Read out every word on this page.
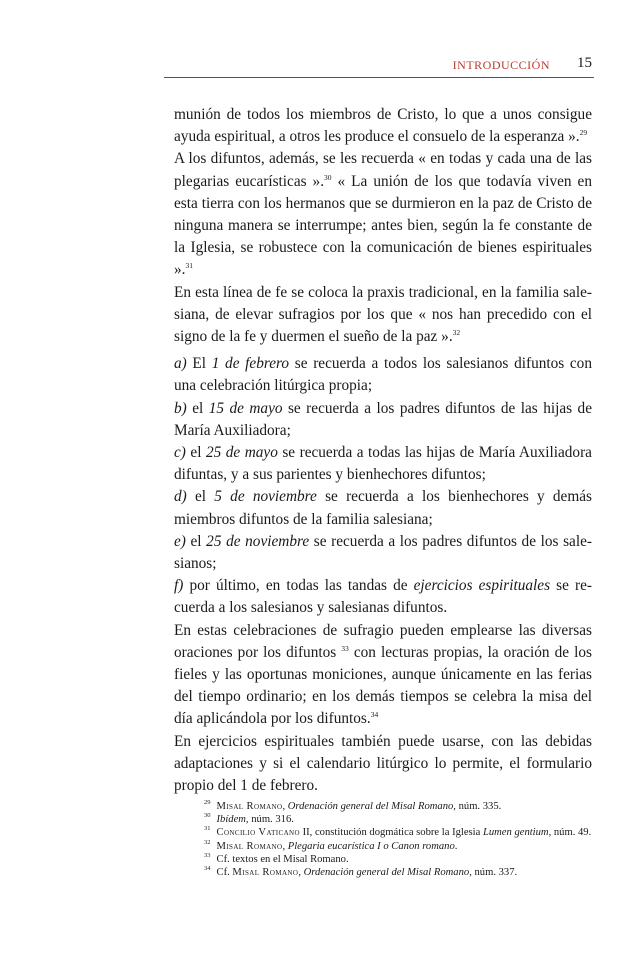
INTRODUCCIÓN 15

munión de todos los miembros de Cristo, lo que a unos consigue ayuda espiritual, a otros les produce el consuelo de la esperanza ».$^{29}$

A los difuntos, además, se les recuerda « en todas y cada una de las plegarias eucarísticas ».$^{30}$ « La unión de los que todavía viven en esta tierra con los hermanos que se durmieron en la paz de Cristo de ninguna manera se interrumpe; antes bien, según la fe constante de la Iglesia, se robustece con la comunicación de bienes espirituales ».$^{31}$

En esta línea de fe se coloca la praxis tradicional, en la familia salesiana, de elevar sufragios por los que « nos han precedido con el signo de la fe y duermen el sueño de la paz ».$^{32}$

a) El 1 de febrero se recuerda a todos los salesianos difuntos con una celebración litúrgica propia;

b) el 15 de mayo se recuerda a los padres difuntos de las hijas de María Auxiliadora;

c) el 25 de mayo se recuerda a todas las hijas de María Auxiliadora difuntas, y a sus parientes y bienhechores difuntos;

d) el 5 de noviembre se recuerda a los bienhechores y demás miembros difuntos de la familia salesiana;

e) el 25 de noviembre se recuerda a los padres difuntos de los salesianos;

f) por último, en todas las tandas de ejercicios espirituales se recuerda a los salesianos y salesianas difuntos.

En estas celebraciones de sufragio pueden emplearse las diversas oraciones por los difuntos $^{33}$ con lecturas propias, la oración de los fieles y las oportunas moniciones, aunque únicamente en las ferias del tiempo ordinario; en los demás tiempos se celebra la misa del día aplicándola por los difuntos.$^{34}$

En ejercicios espirituales también puede usarse, con las debidas adaptaciones y si el calendario litúrgico lo permite, el formulario propio del 1 de febrero.

$^{29}$ Misal Romano, Ordenación general del Misal Romano, núm. 335.

$^{30}$ Ibídem, núm. 316.

$^{31}$ Concilio Vaticano II, constitución dogmática sobre la Iglesia Lumen gentium, núm. 49.

$^{32}$ Misal Romano, Plegaria eucarística I o Canon romano.

$^{33}$ Cf. textos en el Misal Romano.

$^{34}$ Cf. Misal Romano, Ordenación general del Misal Romano, núm. 337.
